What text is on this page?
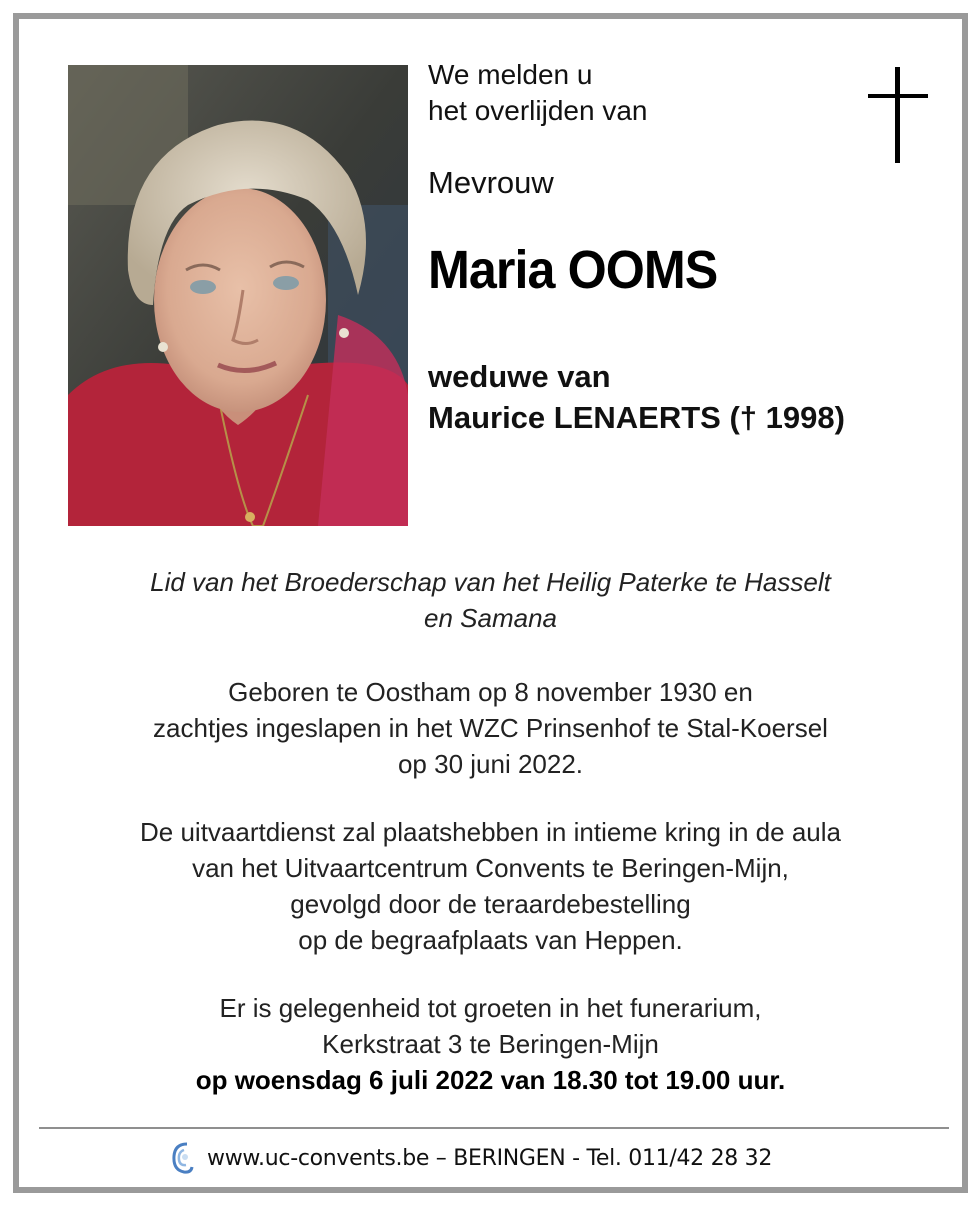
We melden u
het overlijden van
Mevrouw
Maria OOMS
weduwe van
Maurice LENAERTS († 1998)
Lid van het Broederschap van het Heilig Paterke te Hasselt
en Samana
Geboren te Oostham op 8 november 1930 en
zachtjes ingeslapen in het WZC Prinsenhof te Stal-Koersel
op 30 juni 2022.
De uitvaartdienst zal plaatshebben in intieme kring in de aula
van het Uitvaartcentrum Convents te Beringen-Mijn,
gevolgd door de teraardebestelling
op de begraafplaats van Heppen.
Er is gelegenheid tot groeten in het funerarium,
Kerkstraat 3 te Beringen-Mijn
op woensdag 6 juli 2022 van 18.30 tot 19.00 uur.
www.uc-convents.be – BERINGEN - Tel. 011/42 28 32
